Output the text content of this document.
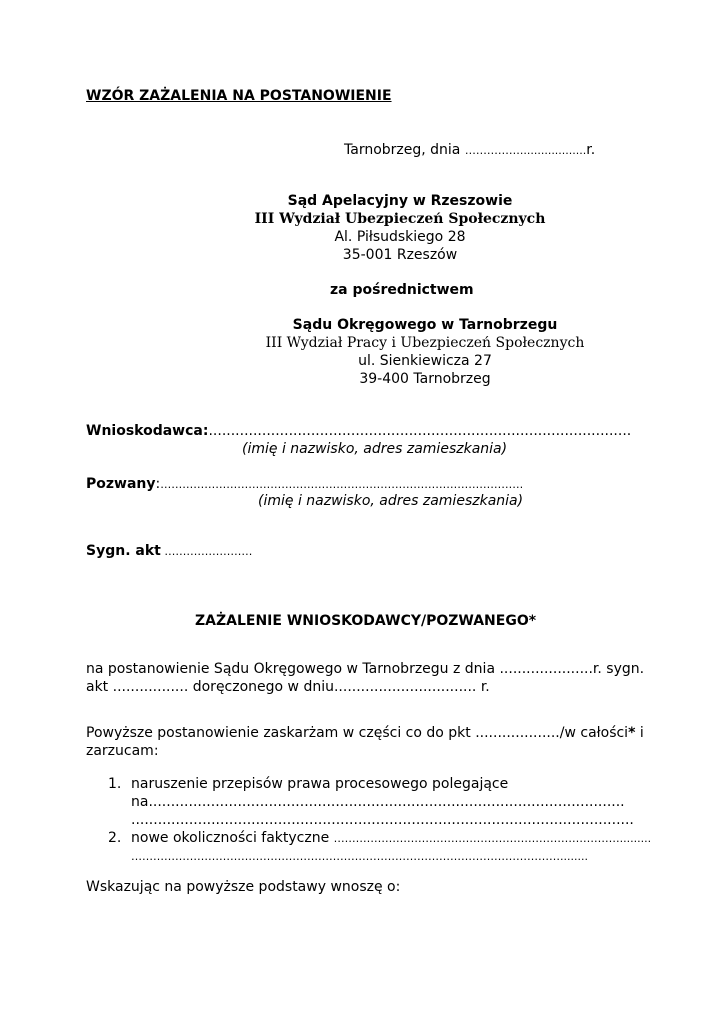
WZÓR ZAŻALENIA NA POSTANOWIENIE
Tarnobrzeg, dnia ……………...................r.
Sąd Apelacyjny w Rzeszowie
III Wydział Ubezpieczeń Społecznych
Al. Piłsudskiego 28
35-001 Rzeszów
za pośrednictwem
Sądu Okręgowego w Tarnobrzegu
III Wydział Pracy i Ubezpieczeń Społecznych
ul. Sienkiewicza 27
39-400 Tarnobrzeg
Wnioskodawca:...............................................................................................
(imię i nazwisko, adres zamieszkania)
Pozwany:………………………………………………………………………………………
(imię i nazwisko, adres zamieszkania)
Sygn. akt ……………………
ZAŻALENIE WNIOSKODAWCY/POZWANEGO*
na postanowienie Sądu Okręgowego w Tarnobrzegu z dnia .....................r. sygn.
akt ................. doręczonego w dniu................................ r.
Powyższe postanowienie zaskarżam w części co do pkt .................../w całości* i
zarzucam:
1. naruszenie przepisów prawa procesowego polegające
na...........................................................................................................
.................................................................................................................
2. nowe okoliczności faktyczne …………………………………………………………………….........
………………………………………………………………………………………………………........
Wskazując na powyższe podstawy wnoszę o:
